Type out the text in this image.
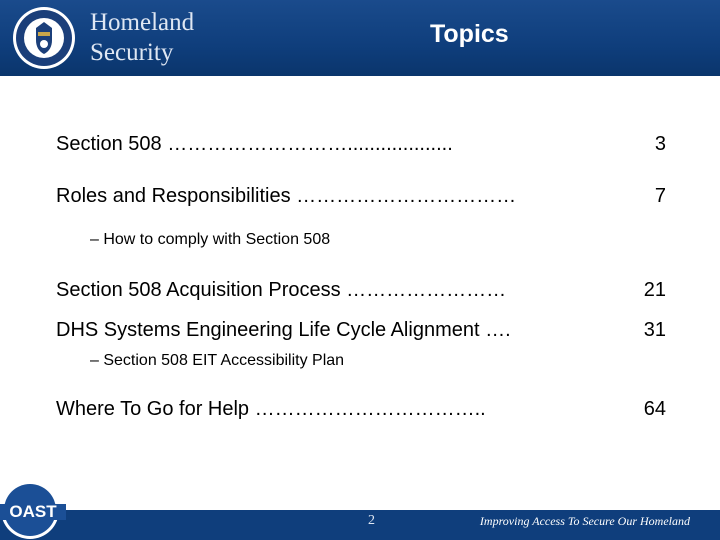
Homeland
Security
Topics
Section 508 ………………………...................	3
Roles and Responsibilities ……………………………	7
– How to comply with Section 508
Section 508 Acquisition Process ……………………	21
DHS Systems Engineering Life Cycle Alignment ….	31
– Section 508 EIT Accessibility Plan
Where To Go for Help ……………………………..	64
OAST	2	Improving Access To Secure Our Homeland
